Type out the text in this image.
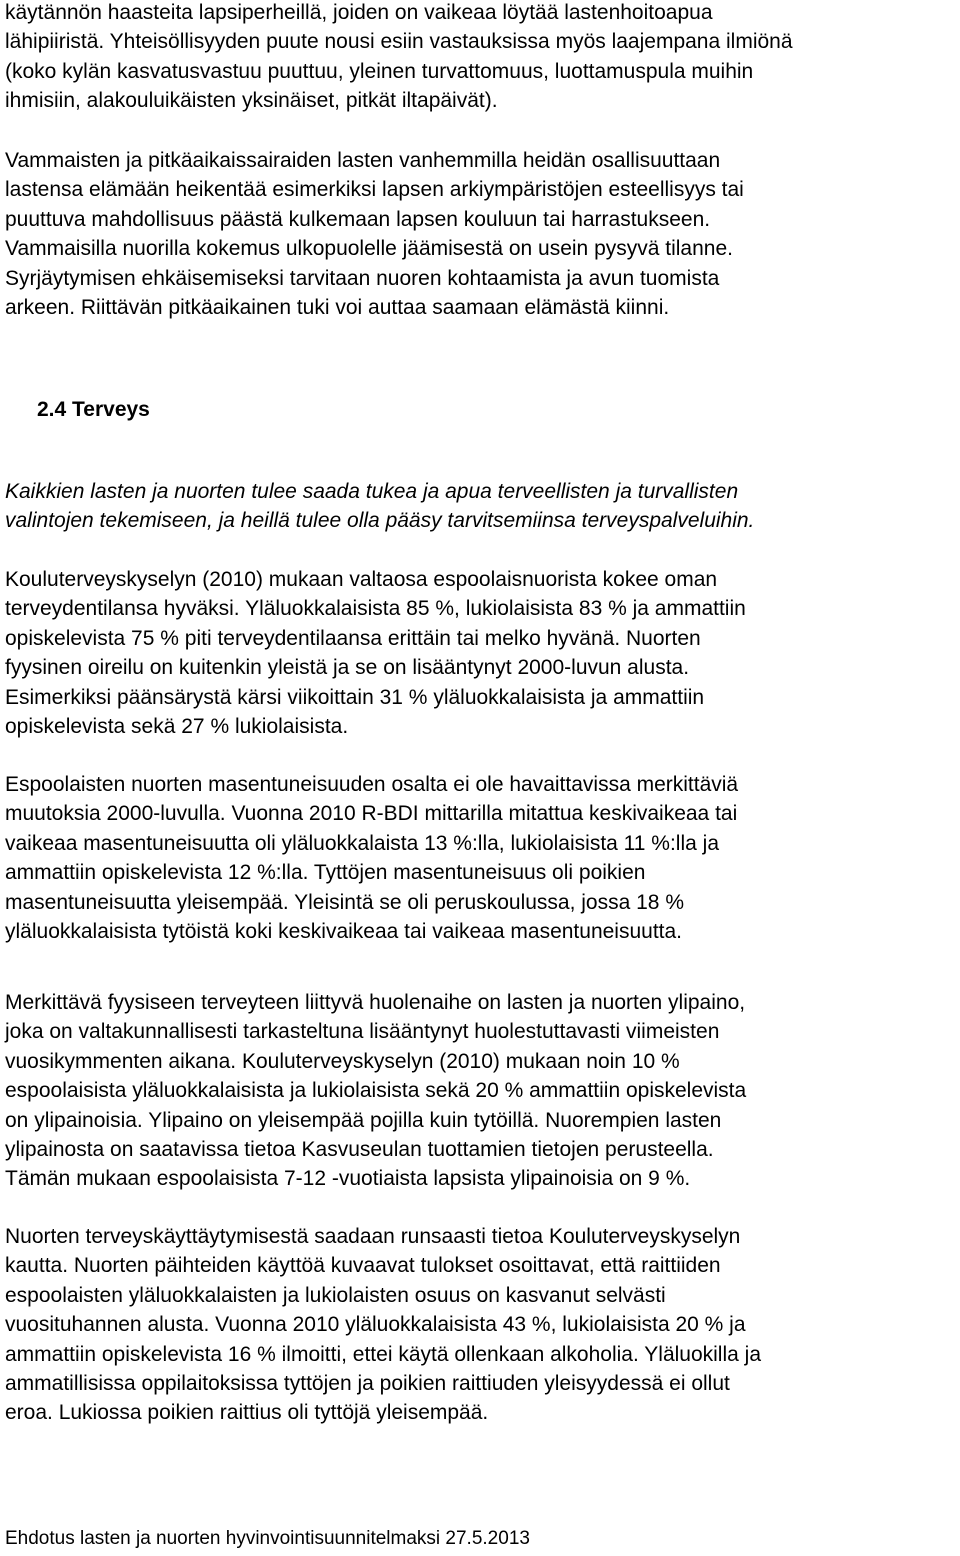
käytännön haasteita lapsiperheillä, joiden on vaikeaa löytää lastenhoitoapua
lähipiiristä. Yhteisöllisyyden puute nousi esiin vastauksissa myös laajempana ilmiönä
(koko kylän kasvatusvastuu puuttuu, yleinen turvattomuus, luottamuspula muihin
ihmisiin, alakouluikäisten yksinäiset, pitkät iltapäivät).
Vammaisten ja pitkäaikaissairaiden lasten vanhemmilla heidän osallisuuttaan
lastensa elämään heikentää esimerkiksi lapsen arkiympäristöjen esteellisyys tai
puuttuva mahdollisuus päästä kulkemaan lapsen kouluun tai harrastukseen.
Vammaisilla nuorilla kokemus ulkopuolelle jäämisestä on usein pysyvä tilanne.
Syrjäytymisen ehkäisemiseksi tarvitaan nuoren kohtaamista ja avun tuomista
arkeen. Riittävän pitkäaikainen tuki voi auttaa saamaan elämästä kiinni.
2.4 Terveys
Kaikkien lasten ja nuorten tulee saada tukea ja apua terveellisten ja turvallisten
valintojen tekemiseen, ja heillä tulee olla pääsy tarvitsemiinsa terveyspalveluihin.
Kouluterveyskyselyn (2010) mukaan valtaosa espoolaisnuorista kokee oman
terveydentilansa hyväksi. Yläluokkalaisista 85 %, lukiolaisista 83 % ja ammattiin
opiskelevista 75 % piti terveydentilaansa erittäin tai melko hyvänä. Nuorten
fyysinen oireilu on kuitenkin yleistä ja se on lisääntynyt 2000-luvun alusta.
Esimerkiksi päänsärystä kärsi viikoittain 31 % yläluokkalaisista ja ammattiin
opiskelevista sekä 27 % lukiolaisista.
Espoolaisten nuorten masentuneisuuden osalta ei ole havaittavissa merkittäviä
muutoksia 2000-luvulla. Vuonna 2010 R-BDI mittarilla mitattua keskivaikeaa tai
vaikeaa masentuneisuutta oli yläluokkalaista 13 %:lla, lukiolaisista 11 %:lla ja
ammattiin opiskelevista 12 %:lla. Tyttöjen masentuneisuus oli poikien
masentuneisuutta yleisempää. Yleisintä se oli peruskoulussa, jossa 18 %
yläluokkalaisista tytöistä koki keskivaikeaa tai vaikeaa masentuneisuutta.
Merkittävä fyysiseen terveyteen liittyvä huolenaihe on lasten ja nuorten ylipaino,
joka on valtakunnallisesti tarkasteltuna lisääntynyt huolestuttavasti viimeisten
vuosikymmenten aikana. Kouluterveyskyselyn (2010) mukaan noin 10 %
espoolaisista yläluokkalaisista ja lukiolaisista sekä 20 % ammattiin opiskelevista
on ylipainoisia. Ylipaino on yleisempää pojilla kuin tytöillä. Nuorempien lasten
ylipainosta on saatavissa tietoa Kasvuseulan tuottamien tietojen perusteella.
Tämän mukaan espoolaisista 7-12 -vuotiaista lapsista ylipainoisia on 9 %.
Nuorten terveyskäyttäytymisestä saadaan runsaasti tietoa Kouluterveyskyselyn
kautta. Nuorten päihteiden käyttöä kuvaavat tulokset osoittavat, että raittiiden
espoolaisten yläluokkalaisten ja lukiolaisten osuus on kasvanut selvästi
vuosituhannen alusta. Vuonna 2010 yläluokkalaisista 43 %, lukiolaisista 20 % ja
ammattiin opiskelevista 16 % ilmoitti, ettei käytä ollenkaan alkoholia. Yläluokilla ja
ammatillisissa oppilaitoksissa tyttöjen ja poikien raittiuden yleisyydessä ei ollut
eroa. Lukiossa poikien raittius oli tyttöjä yleisempää.

Ehdotus lasten ja nuorten hyvinvointisuunnitelmaksi 27.5.2013
